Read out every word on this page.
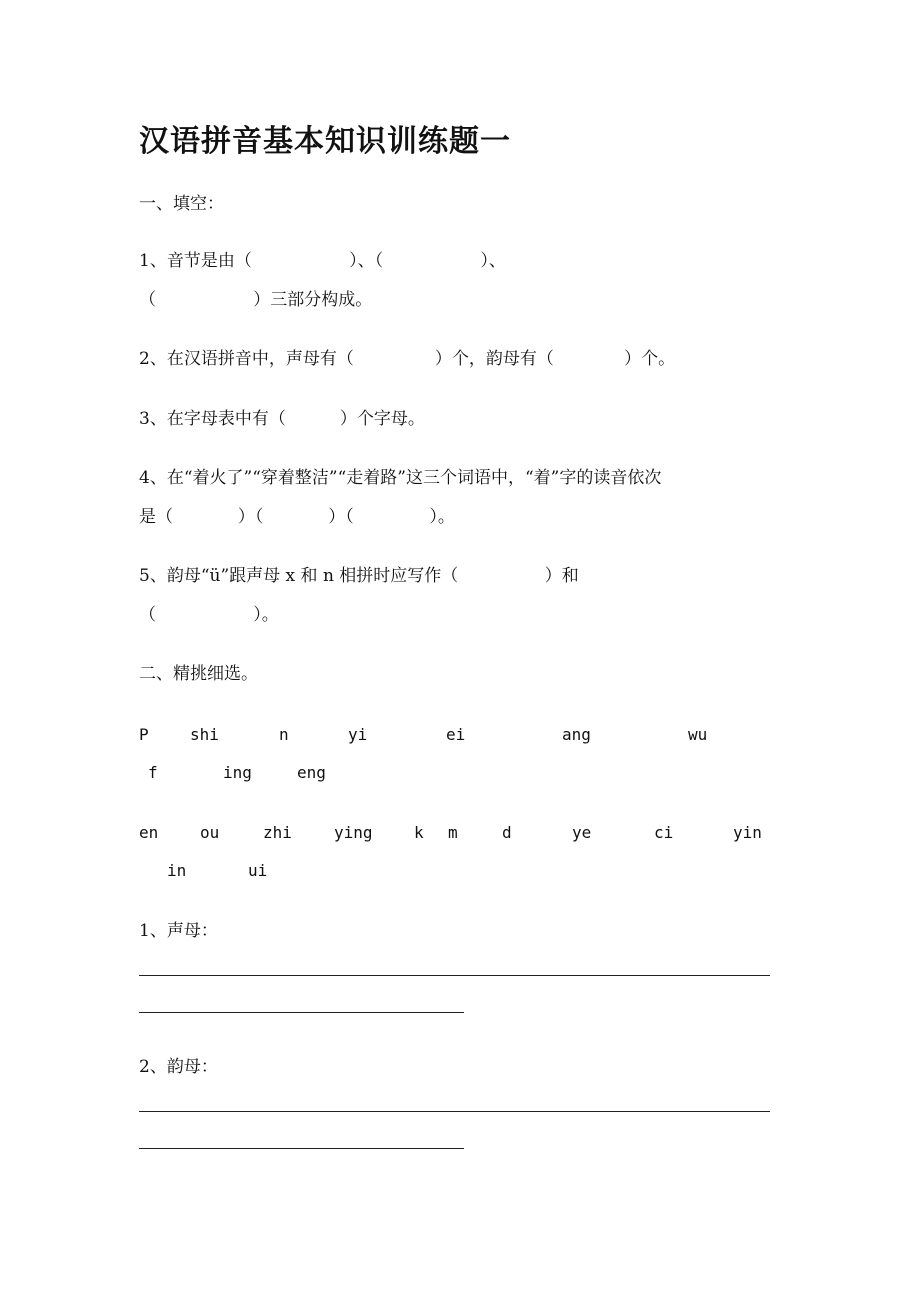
汉语拼音基本知识训练题一
一、填空：
1、音节是由（                  ）、（                  ）、
（                  ）三部分构成。
2、在汉语拼音中，声母有（               ）个，韵母有（             ）个。
3、在字母表中有（          ）个字母。
4、在“着火了”“穿着整洁”“走着路”这三个词语中，“着”字的读音依次
是（            ）（            ）（              ）。
5、韵母“ü”跟声母 x 和 n 相拼时应写作（                ）和
（                  ）。
二、精挑细选。
P	shi	n	yi	ei	ang	wu
f	ing	eng
en	ou	zhi	ying	k m	d	ye	ci	yin
in	ui
1、声母：
2、韵母：
